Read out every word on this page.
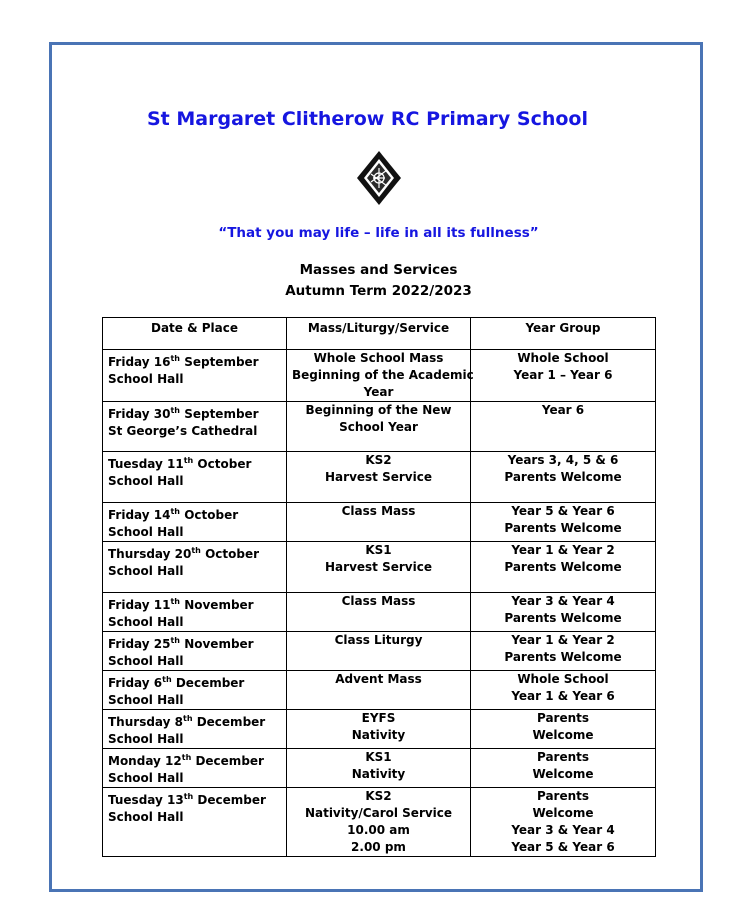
St Margaret Clitherow RC Primary School
“That you may life – life in all its fullness”
Masses and Services
Autumn Term 2022/2023
Date & Place	Mass/Liturgy/Service	Year Group

Friday 16th September
School Hall	Whole School Mass
Beginning of the Academic
Year	Whole School
Year 1 – Year 6

Friday 30th September
St George’s Cathedral	Beginning of the New
School Year	Year 6

Tuesday 11th October
School Hall	KS2
Harvest Service	Years 3, 4, 5 & 6
Parents Welcome

Friday 14th October
School Hall	Class Mass	Year 5 & Year 6
Parents Welcome

Thursday 20th October
School Hall	KS1
Harvest Service	Year 1 & Year 2
Parents Welcome

Friday 11th November
School Hall	Class Mass	Year 3 & Year 4
Parents Welcome

Friday 25th November
School Hall	Class Liturgy	Year 1 & Year 2
Parents Welcome

Friday 6th December
School Hall	Advent Mass	Whole School
Year 1 & Year 6

Thursday 8th December
School Hall	EYFS
Nativity	Parents
Welcome

Monday 12th December
School Hall	KS1
Nativity	Parents
Welcome

Tuesday 13th December
School Hall	KS2
Nativity/Carol Service
10.00 am
2.00 pm	Parents
Welcome
Year 3 & Year 4
Year 5 & Year 6
